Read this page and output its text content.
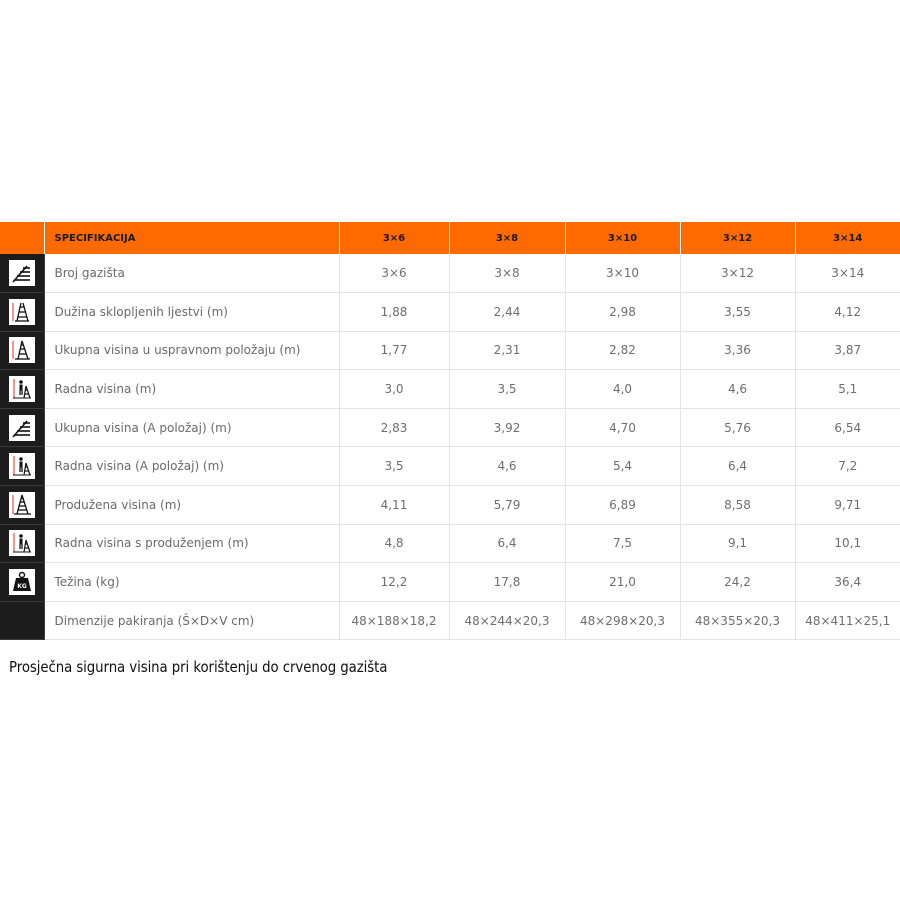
	SPECIFIKACIJA	3×6	3×8	3×10	3×12	3×14

	Broj gazišta	3×6	3×8	3×10	3×12	3×14

	Dužina sklopljenih ljestvi (m)	1,88	2,44	2,98	3,55	4,12

	Ukupna visina u uspravnom položaju (m)	1,77	2,31	2,82	3,36	3,87

	Radna visina (m)	3,0	3,5	4,0	4,6	5,1

	Ukupna visina (A položaj) (m)	2,83	3,92	4,70	5,76	6,54

	Radna visina (A položaj) (m)	3,5	4,6	5,4	6,4	7,2

	Produžena visina (m)	4,11	5,79	6,89	8,58	9,71

	Radna visina s produženjem (m)	4,8	6,4	7,5	9,1	10,1

KG	Težina (kg)	12,2	17,8	21,0	24,2	36,4
	Dimenzije pakiranja (Š×D×V cm)	48×188×18,2	48×244×20,3	48×298×20,3	48×355×20,3	48×411×25,1
Prosječna sigurna visina pri korištenju do crvenog gazišta
